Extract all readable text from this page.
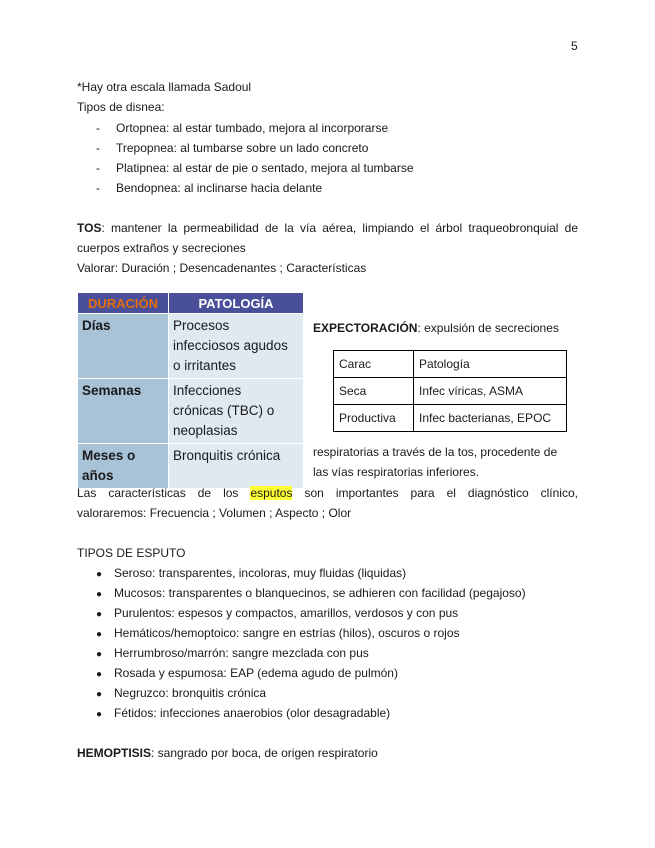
5
*Hay otra escala llamada Sadoul
Tipos de disnea:
- Ortopnea: al estar tumbado, mejora al incorporarse
- Trepopnea: al tumbarse sobre un lado concreto
- Platipnea: al estar de pie o sentado, mejora al tumbarse
- Bendopnea: al inclinarse hacia delante
TOS: mantener la permeabilidad de la vía aérea, limpiando el árbol traqueobronquial de
cuerpos extraños y secreciones
Valorar: Duración ; Desencadenantes ; Características
DURACIÓN	PATOLOGÍA
Días	Procesos
infecciosos agudos
o irritantes
Semanas	Infecciones
crónicas (TBC) o
neoplasias
Meses o
años	Bronquitis crónica
EXPECTORACIÓN: expulsión de secreciones
Carac	Patología
Seca	Infec víricas, ASMA
Productiva	Infec bacterianas, EPOC
respiratorias a través de la tos, procedente de
las vías respiratorias inferiores.
Las características de los esputos son importantes para el diagnóstico clínico,
valoraremos: Frecuencia ; Volumen ; Aspecto ; Olor
TIPOS DE ESPUTO
● Seroso: transparentes, incoloras, muy fluidas (liquidas)
● Mucosos: transparentes o blanquecinos, se adhieren con facilidad (pegajoso)
● Purulentos: espesos y compactos, amarillos, verdosos y con pus
● Hemáticos/hemoptoico: sangre en estrías (hilos), oscuros o rojos
● Herrumbroso/marrón: sangre mezclada con pus
● Rosada y espumosa: EAP (edema agudo de pulmón)
● Negruzco: bronquitis crónica
● Fétidos: infecciones anaerobios (olor desagradable)
HEMOPTISIS: sangrado por boca, de origen respiratorio
